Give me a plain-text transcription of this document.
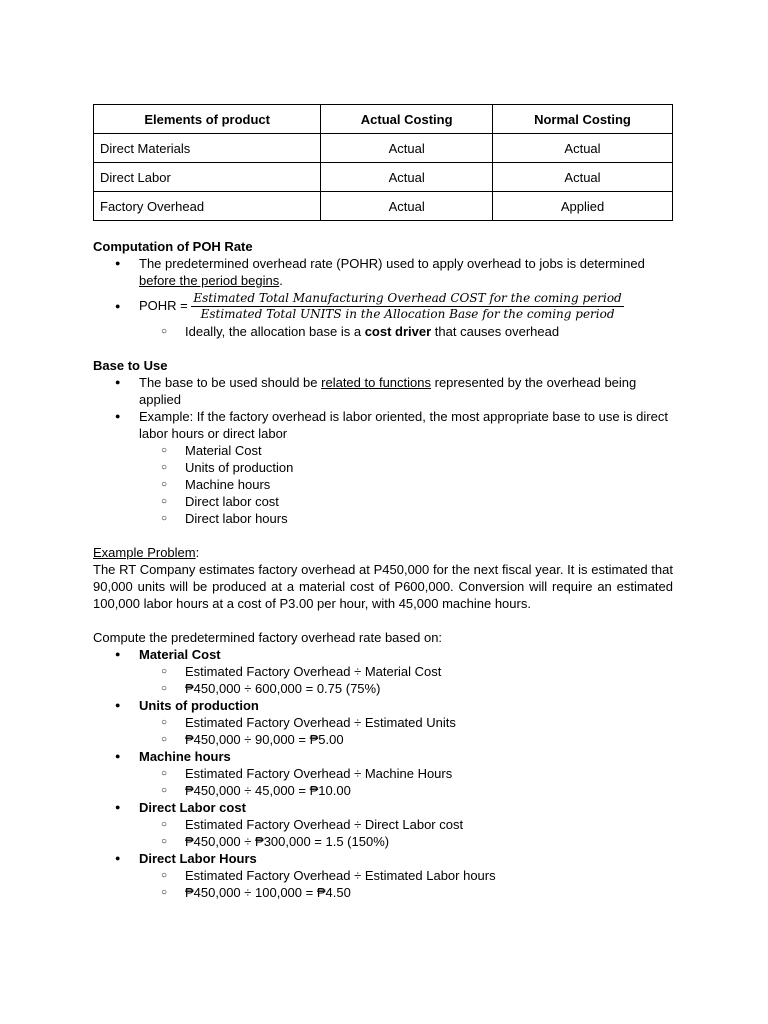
Elements of product	Actual Costing	Normal Costing
Direct Materials	Actual	Actual
Direct Labor	Actual	Actual
Factory Overhead	Actual	Applied

Computation of POH Rate

● The predetermined overhead rate (POHR) used to apply overhead to jobs is determined before the period begins.
● POHR = Estimated Total Manufacturing Overhead COST for the coming period
Estimated Total UNITS in the Allocation Base for the coming period
○ Ideally, the allocation base is a cost driver that causes overhead

Base to Use

● The base to be used should be related to functions represented by the overhead being applied
● Example: If the factory overhead is labor oriented, the most appropriate base to use is direct labor hours or direct labor
○ Material Cost
○ Units of production
○ Machine hours
○ Direct labor cost
○ Direct labor hours

Example Problem:

The RT Company estimates factory overhead at P450,000 for the next fiscal year. It is estimated that 90,000 units will be produced at a material cost of P600,000. Conversion will require an estimated 100,000 labor hours at a cost of P3.00 per hour, with 45,000 machine hours.

Compute the predetermined factory overhead rate based on:

● Material Cost
○ Estimated Factory Overhead ÷ Material Cost
○ ₱450,000 ÷ 600,000 = 0.75 (75%)
● Units of production
○ Estimated Factory Overhead ÷ Estimated Units
○ ₱450,000 ÷ 90,000 = ₱5.00
● Machine hours
○ Estimated Factory Overhead ÷ Machine Hours
○ ₱450,000 ÷ 45,000 = ₱10.00
● Direct Labor cost
○ Estimated Factory Overhead ÷ Direct Labor cost
○ ₱450,000 ÷ ₱300,000 = 1.5 (150%)
● Direct Labor Hours
○ Estimated Factory Overhead ÷ Estimated Labor hours
○ ₱450,000 ÷ 100,000 = ₱4.50
